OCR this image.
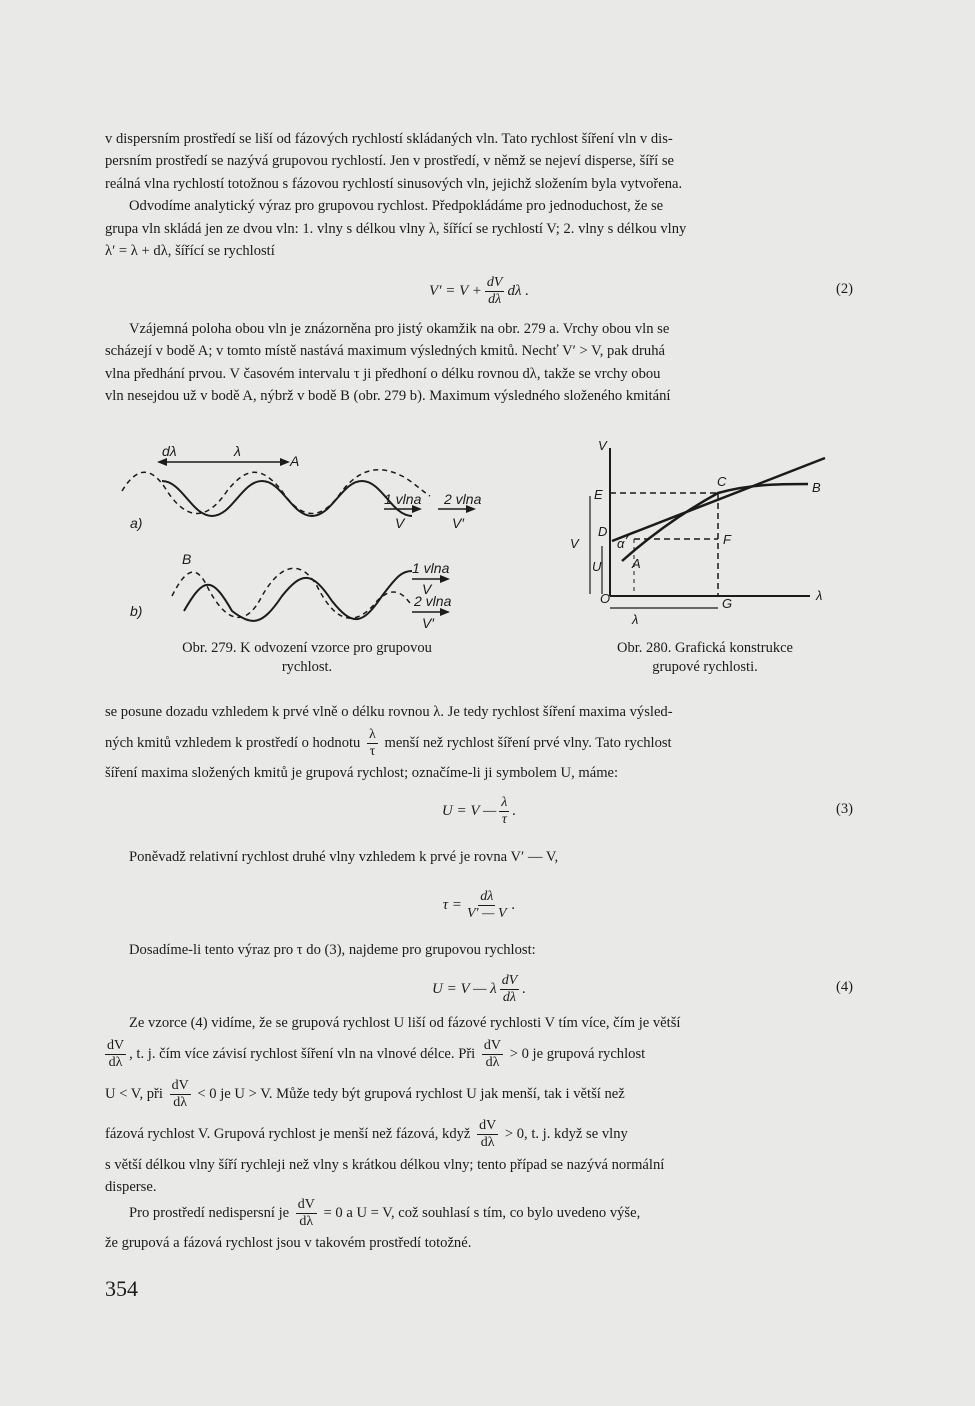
v dispersním prostředí se liší od fázových rychlostí skládaných vln. Tato rychlost šíření vln v dis-
persním prostředí se nazývá grupovou rychlostí. Jen v prostředí, v němž se nejeví disperse, šíří se
reálná vlna rychlostí totožnou s fázovou rychlostí sinusových vln, jejichž složením byla vytvořena.
Odvodíme analytický výraz pro grupovou rychlost. Předpokládáme pro jednoduchost, že se
grupa vln skládá jen ze dvou vln: 1. vlny s délkou vlny λ, šířící se rychlostí V; 2. vlny s délkou vlny
λ′ = λ + dλ, šířící se rychlostí
$V' = V + \frac{dV}{d\lambda}$ dλ .	(2)
Vzájemná poloha obou vln je znázorněna pro jistý okamžik na obr. 279 a. Vrchy obou vln se
scházejí v bodě A; v tomto místě nastává maximum výsledných kmitů. Nechť V′ > V, pak druhá
vlna předhání prvou. V časovém intervalu τ ji předhoní o délku rovnou dλ, takže se vrchy obou
vln nesejdou už v bodě A, nýbrž v bodě B (obr. 279 b). Maximum výsledného složeného kmitání
dλ	λ
A
a)
1 vlna 2 vlna
V	V′
B
b)
1 vlna
V
2 vlna
V′
Obr. 279. K odvození vzorce pro grupovou
rychlost.
V
E
C	B
D
α	F
V
U A
O	G
λ
λ
Obr. 280. Grafická konstrukce
grupové rychlosti.
se posune dozadu vzhledem k prvé vlně o délku rovnou λ. Je tedy rychlost šíření maxima výsled-
ných kmitů vzhledem k prostředí o hodnotu $\frac{\lambda}{\tau}$ menší než rychlost šíření prvé vlny. Tato rychlost
šíření maxima složených kmitů je grupová rychlost; označíme-li ji symbolem U, máme:
U = V — $\frac{\lambda}{\tau}$ .	(3)
Poněvadž relativní rychlost druhé vlny vzhledem k prvé je rovna V′ — V,
$\tau = \frac{d\lambda}{V' — V}$ .
Dosadíme-li tento výraz pro τ do (3), najdeme pro grupovou rychlost:
U = V — λ $\frac{dV}{d\lambda}$ .	(4)
Ze vzorce (4) vidíme, že se grupová rychlost U liší od fázové rychlosti V tím více, čím je větší
$\frac{dV}{d\lambda}$ , t. j. čím více závisí rychlost šíření vln na vlnové délce. Při $\frac{dV}{d\lambda} > 0$ je grupová rychlost
U < V, při $\frac{dV}{d\lambda} < 0$ je U > V. Může tedy být grupová rychlost U jak menší, tak i větší než
fázová rychlost V. Grupová rychlost je menší než fázová, když $\frac{dV}{d\lambda} > 0$, t. j. když se vlny
s větší délkou vlny šíří rychleji než vlny s krátkou délkou vlny; tento případ se nazývá normální
disperse.
Pro prostředí nedispersní je $\frac{dV}{d\lambda} = 0$ a U = V, což souhlasí s tím, co bylo uvedeno výše,
že grupová a fázová rychlost jsou v takovém prostředí totožné.
354
